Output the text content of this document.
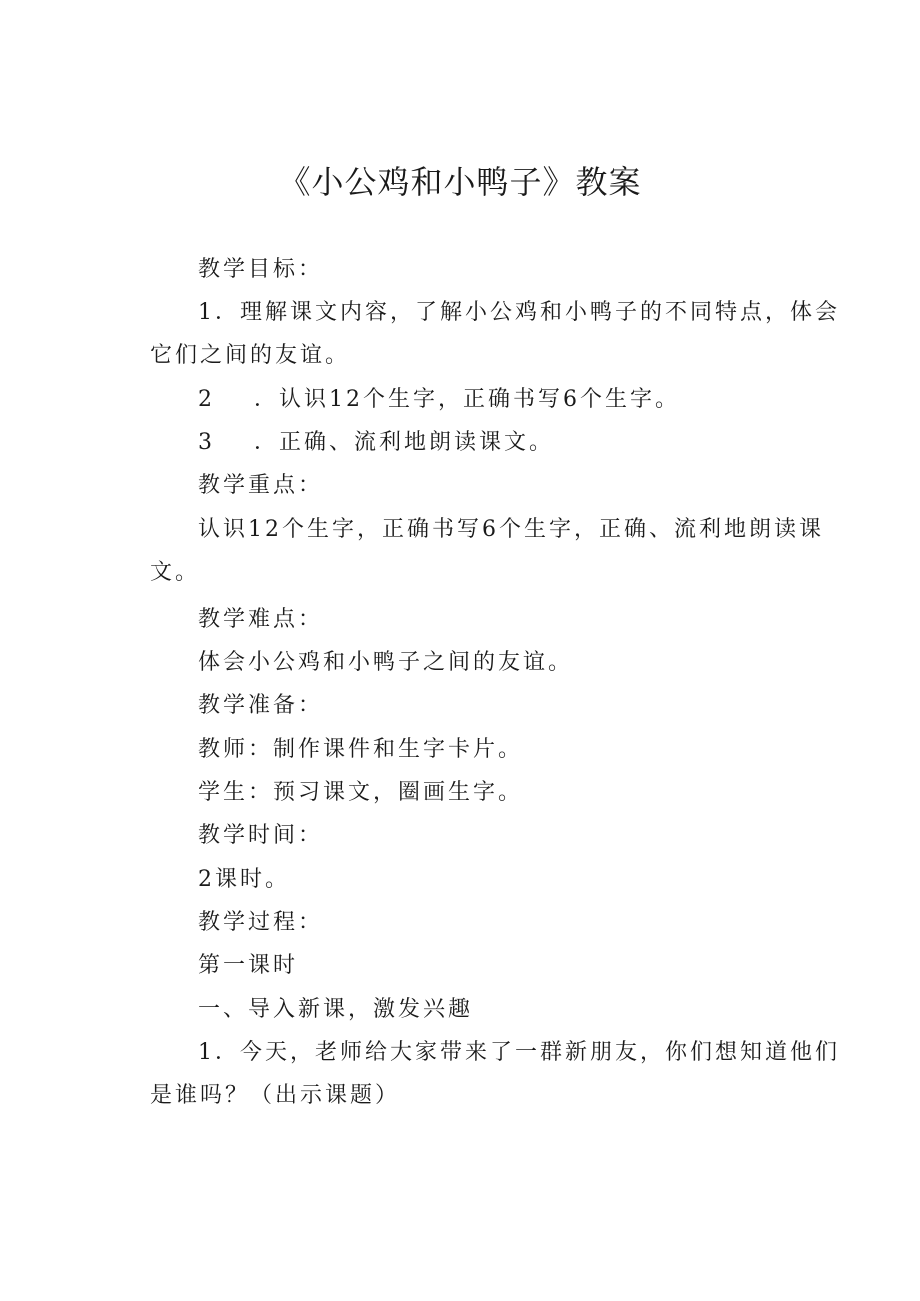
《小公鸡和小鸭子》教案
教学目标：
1．理解课文内容，了解小公鸡和小鸭子的不同特点，体会
它们之间的友谊。
2 ．认识12个生字，正确书写6个生字。
3 ．正确、流利地朗读课文。
教学重点：
认识12个生字，正确书写6个生字，正确、流利地朗读课
文。
教学难点：
体会小公鸡和小鸭子之间的友谊。
教学准备：
教师：制作课件和生字卡片。
学生：预习课文，圈画生字。
教学时间：
2课时。
教学过程：
第一课时
一、导入新课，激发兴趣
1．今天，老师给大家带来了一群新朋友，你们想知道他们
是谁吗？（出示课题）
